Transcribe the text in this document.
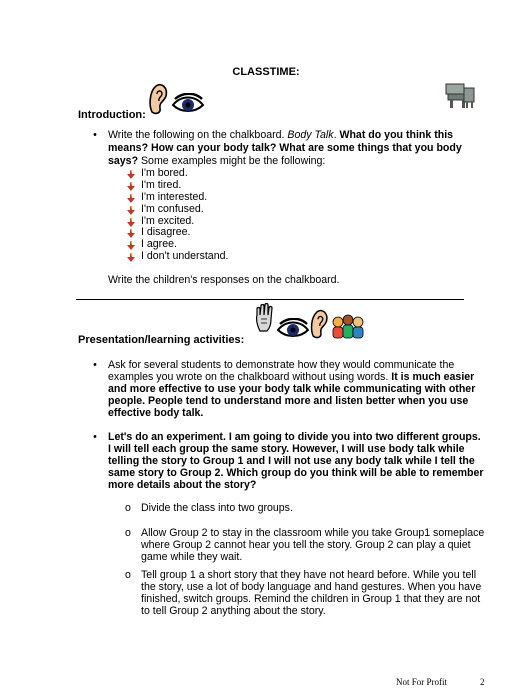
CLASSTIME:
Introduction:
• Write the following on the chalkboard. Body Talk. What do you think this
means? How can your body talk? What are some things that you body
says? Some examples might be the following:
I'm bored.
I'm tired.
I'm interested.
I'm confused.
I'm excited.
I disagree.
I agree.
I don't understand.
Write the children's responses on the chalkboard.
Presentation/learning activities:
• Ask for several students to demonstrate how they would communicate the
examples you wrote on the chalkboard without using words. It is much easier
and more effective to use your body talk while communicating with other
people. People tend to understand more and listen better when you use
effective body talk.
• Let's do an experiment. I am going to divide you into two different groups.
I will tell each group the same story. However, I will use body talk while
telling the story to Group 1 and I will not use any body talk while I tell the
same story to Group 2. Which group do you think will be able to remember
more details about the story?
o Divide the class into two groups.
o Allow Group 2 to stay in the classroom while you take Group1 someplace
where Group 2 cannot hear you tell the story. Group 2 can play a quiet
game while they wait.
o Tell group 1 a short story that they have not heard before. While you tell
the story, use a lot of body language and hand gestures. When you have
finished, switch groups. Remind the children in Group 1 that they are not
to tell Group 2 anything about the story.
Not For Profit	2
